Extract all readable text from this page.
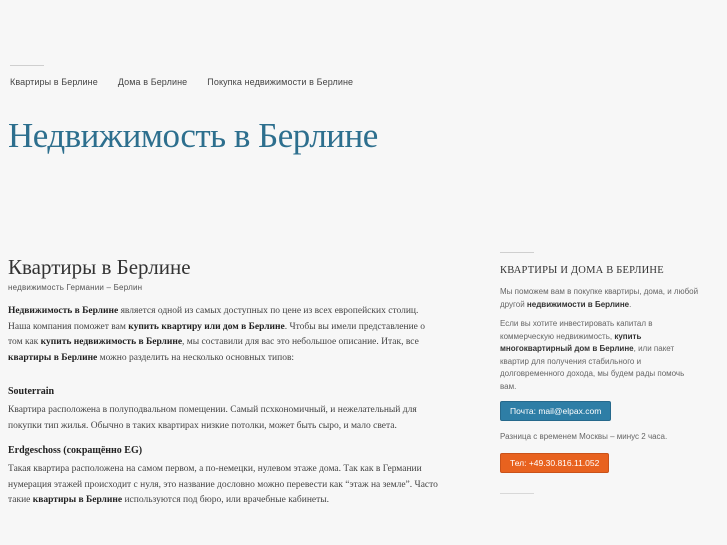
Квартиры в Берлине Дома в Берлине Покупка недвижимости в Берлине
Недвижимость в Берлине
Квартиры в Берлине
недвижимость Германии – Берлин

Недвижимость в Берлине является одной из самых доступных по цене из всех европейских столиц. Наша компания поможет вам купить квартиру или дом в Берлине. Чтобы вы имели представление о том как купить недвижимость в Берлине, мы составили для вас это небольшое описание. Итак, все квартиры в Берлине можно разделить на несколько основных типов:

Souterrain

Квартира расположена в полуподвальном помещении. Самый псхкономичный, и нежелательный для покупки тип жилья. Обычно в таких квартирах низкие потолки, может быть сыро, и мало света.

Erdgeschoss (сокращённо EG)

Такая квартира расположена на самом первом, а по-немецки, нулевом этаже дома. Так как в Германии нумерация этажей происходит с нуля, это название дословно можно перевести как “этаж на земле”. Часто такие квартиры в Берлине используются под бюро, или врачебные кабинеты.

КВАРТИРЫ И ДОМА В БЕРЛИНЕ

Мы поможем вам в покупке квартиры, дома, и любой другой недвижимости в Берлине.

Если вы хотите инвестировать капитал в коммерческую недвижимость, купить многоквартирный дом в Берлине, или пакет квартир для получения стабильного и долговременного дохода, мы будем рады помочь вам.

Почта: mail@elpax.com

Разница с временем Москвы – минус 2 часа.

Тел: +49.30.816.11.052
